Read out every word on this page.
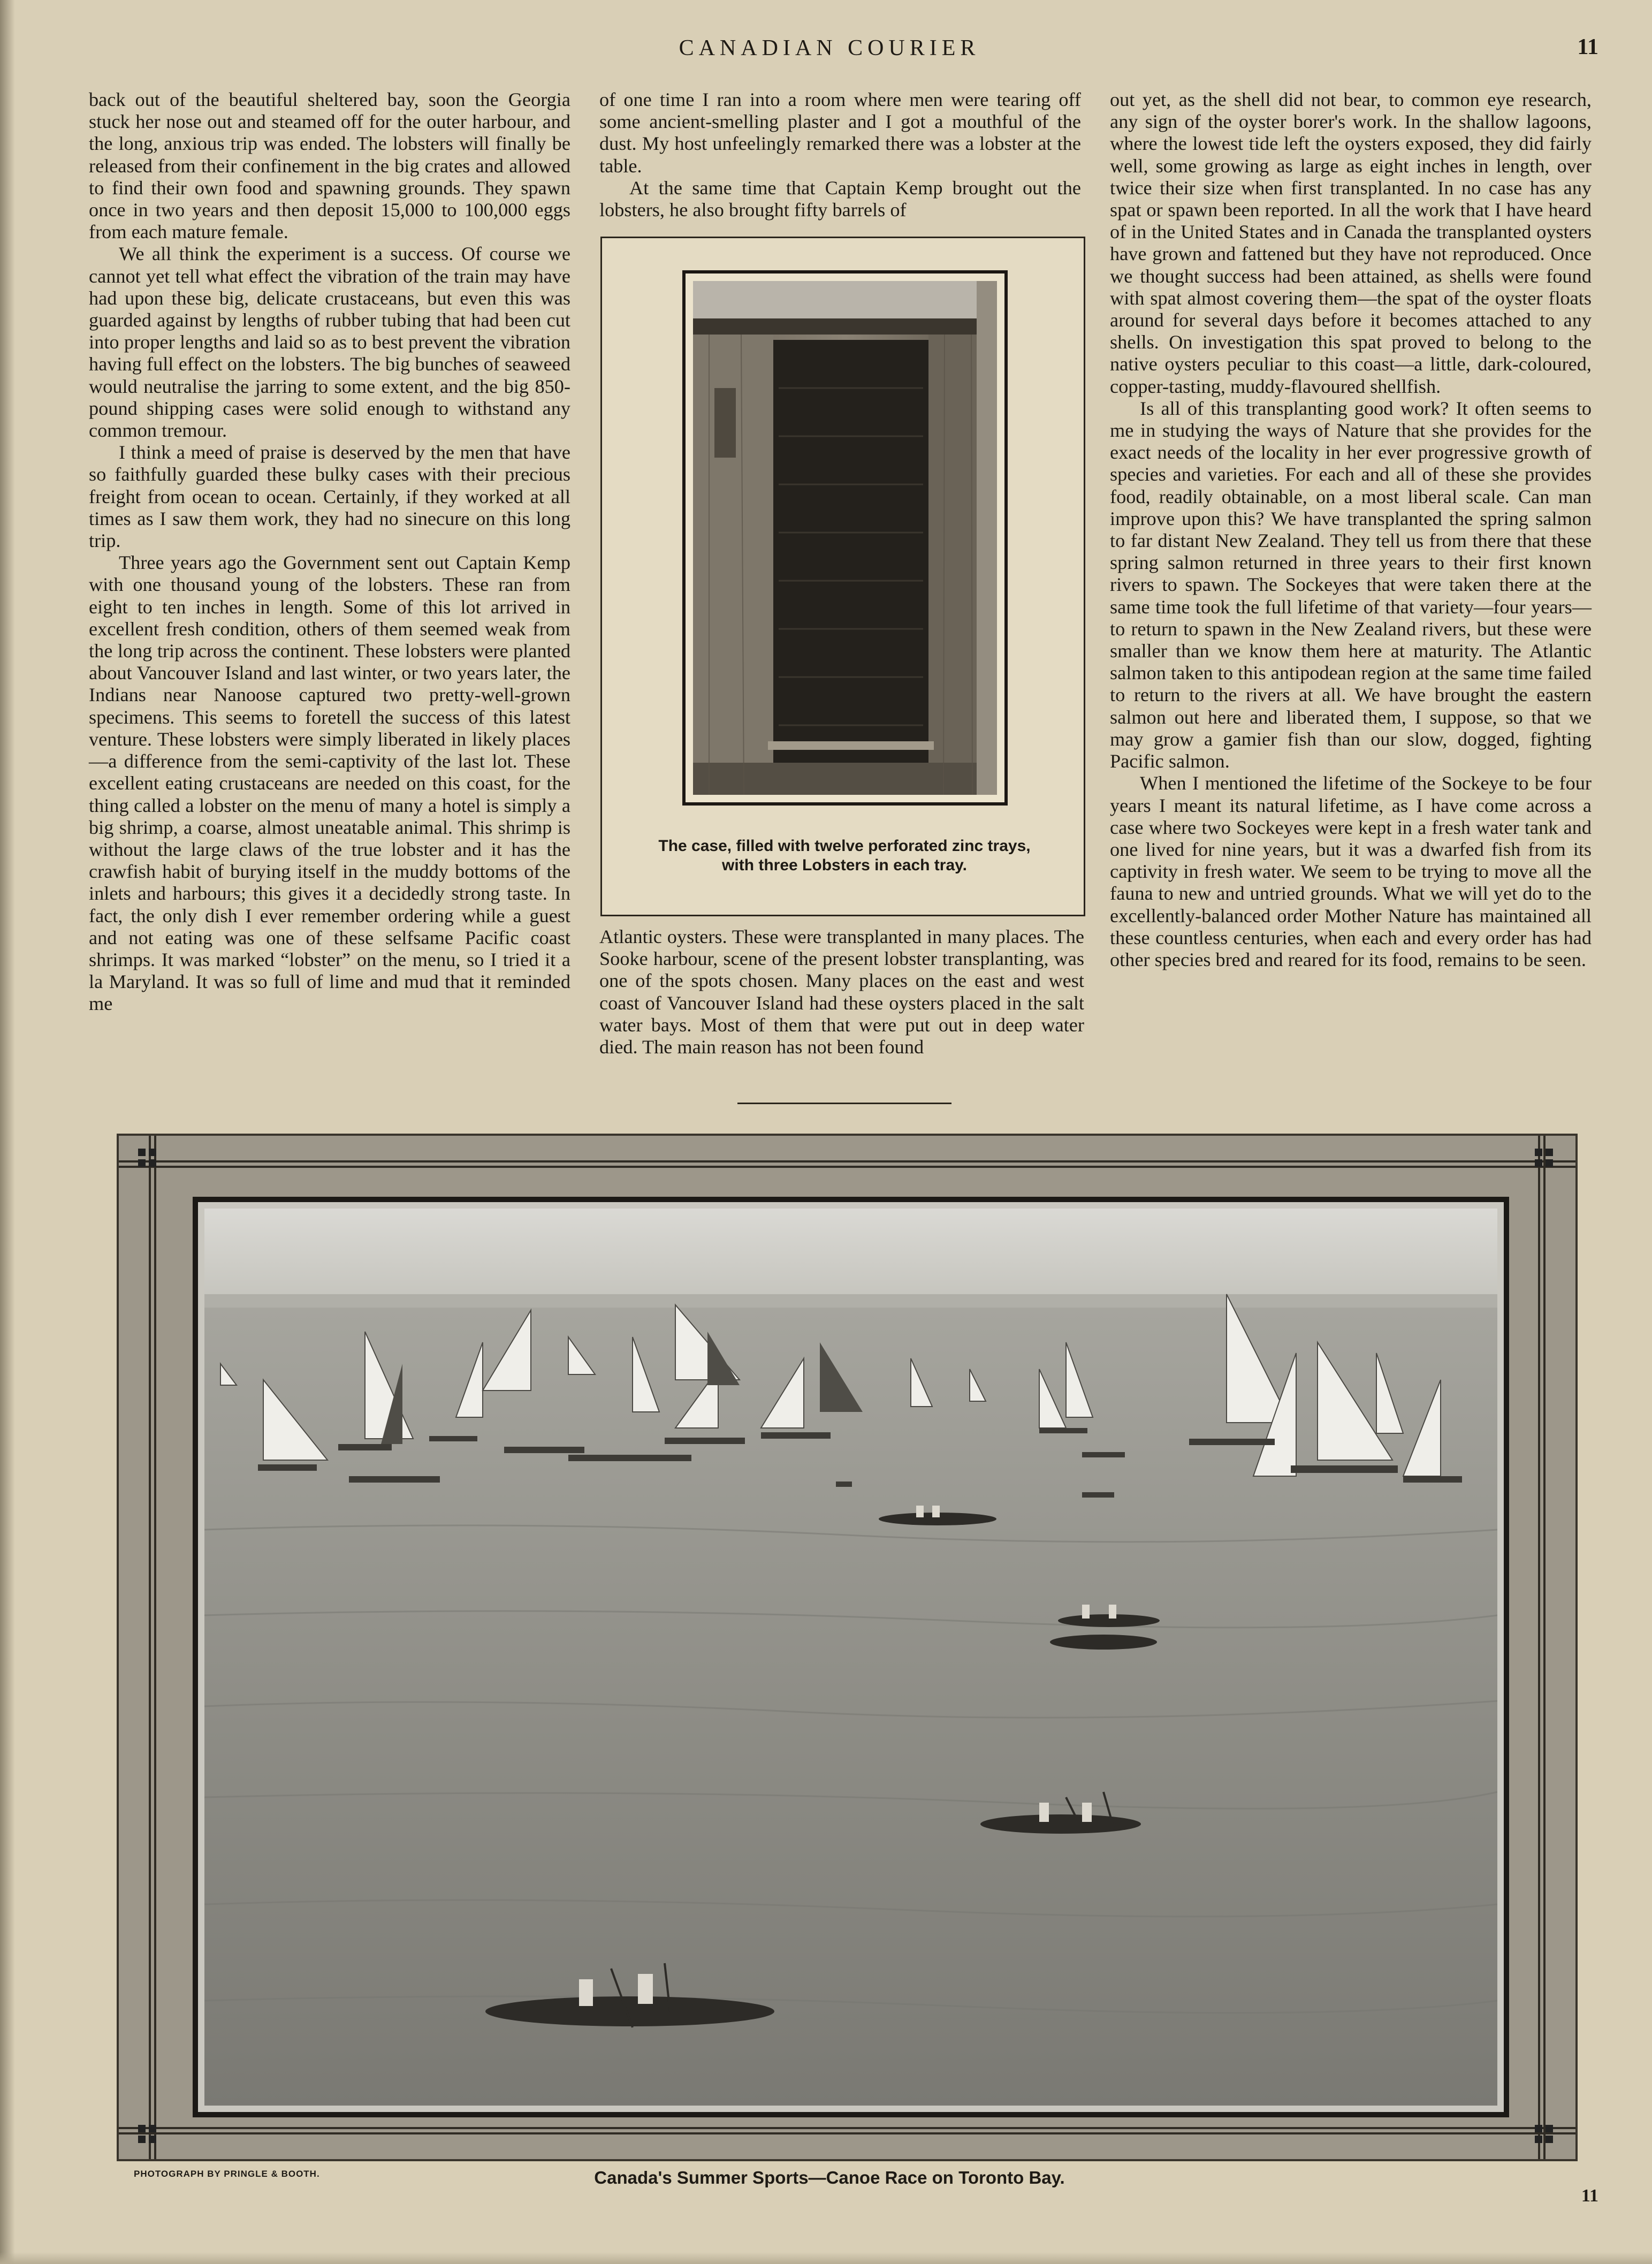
CANADIAN COURIER	11

back out of the beautiful sheltered bay, soon the Georgia stuck her nose out and steamed off for the outer harbour, and the long, anxious trip was ended. The lobsters will finally be released from their confinement in the big crates and allowed to find their own food and spawning grounds. They spawn once in two years and then deposit 15,000 to 100,000 eggs from each mature female.

We all think the experiment is a success. Of course we cannot yet tell what effect the vibration of the train may have had upon these big, delicate crustaceans, but even this was guarded against by lengths of rubber tubing that had been cut into proper lengths and laid so as to best prevent the vibration having full effect on the lobsters. The big bunches of seaweed would neutralise the jarring to some extent, and the big 850-pound shipping cases were solid enough to withstand any common tremour.

I think a meed of praise is deserved by the men that have so faithfully guarded these bulky cases with their precious freight from ocean to ocean. Certainly, if they worked at all times as I saw them work, they had no sinecure on this long trip.

Three years ago the Government sent out Captain Kemp with one thousand young of the lobsters. These ran from eight to ten inches in length. Some of this lot arrived in excellent fresh condition, others of them seemed weak from the long trip across the continent. These lobsters were planted about Vancouver Island and last winter, or two years later, the Indians near Nanoose captured two pretty-well-grown specimens. This seems to foretell the success of this latest venture. These lobsters were simply liberated in likely places—a difference from the semi-captivity of the last lot. These excellent eating crustaceans are needed on this coast, for the thing called a lobster on the menu of many a hotel is simply a big shrimp, a coarse, almost uneatable animal. This shrimp is without the large claws of the true lobster and it has the crawfish habit of burying itself in the muddy bottoms of the inlets and harbours; this gives it a decidedly strong taste. In fact, the only dish I ever remember ordering while a guest and not eating was one of these selfsame Pacific coast shrimps. It was marked “lobster” on the menu, so I tried it a la Maryland. It was so full of lime and mud that it reminded me

of one time I ran into a room where men were tearing off some ancient-smelling plaster and I got a mouthful of the dust. My host unfeelingly remarked there was a lobster at the table.

At the same time that Captain Kemp brought out the lobsters, he also brought fifty barrels of

The case, filled with twelve perforated zinc trays, with three Lobsters in each tray.

Atlantic oysters. These were transplanted in many places. The Sooke harbour, scene of the present lobster transplanting, was one of the spots chosen. Many places on the east and west coast of Vancouver Island had these oysters placed in the salt water bays. Most of them that were put out in deep water died. The main reason has not been found

out yet, as the shell did not bear, to common eye research, any sign of the oyster borer's work. In the shallow lagoons, where the lowest tide left the oysters exposed, they did fairly well, some growing as large as eight inches in length, over twice their size when first transplanted. In no case has any spat or spawn been reported. In all the work that I have heard of in the United States and in Canada the transplanted oysters have grown and fattened but they have not reproduced. Once we thought success had been attained, as shells were found with spat almost covering them—the spat of the oyster floats around for several days before it becomes attached to any shells. On investigation this spat proved to belong to the native oysters peculiar to this coast—a little, dark-coloured, copper-tasting, muddy-flavoured shellfish.

Is all of this transplanting good work? It often seems to me in studying the ways of Nature that she provides for the exact needs of the locality in her ever progressive growth of species and varieties. For each and all of these she provides food, readily obtainable, on a most liberal scale. Can man improve upon this? We have transplanted the spring salmon to far distant New Zealand. They tell us from there that these spring salmon returned in three years to their first known rivers to spawn. The Sockeyes that were taken there at the same time took the full lifetime of that variety—four years—to return to spawn in the New Zealand rivers, but these were smaller than we know them here at maturity. The Atlantic salmon taken to this antipodean region at the same time failed to return to the rivers at all. We have brought the eastern salmon out here and liberated them, I suppose, so that we may grow a gamier fish than our slow, dogged, fighting Pacific salmon.

When I mentioned the lifetime of the Sockeye to be four years I meant its natural lifetime, as I have come across a case where two Sockeyes were kept in a fresh water tank and one lived for nine years, but it was a dwarfed fish from its captivity in fresh water. We seem to be trying to move all the fauna to new and untried grounds. What we will yet do to the excellently-balanced order Mother Nature has maintained all these countless centuries, when each and every order has had other species bred and reared for its food, remains to be seen.

PHOTOGRAPH BY PRINGLE & BOOTH.	Canada's Summer Sports—Canoe Race on Toronto Bay.
11
